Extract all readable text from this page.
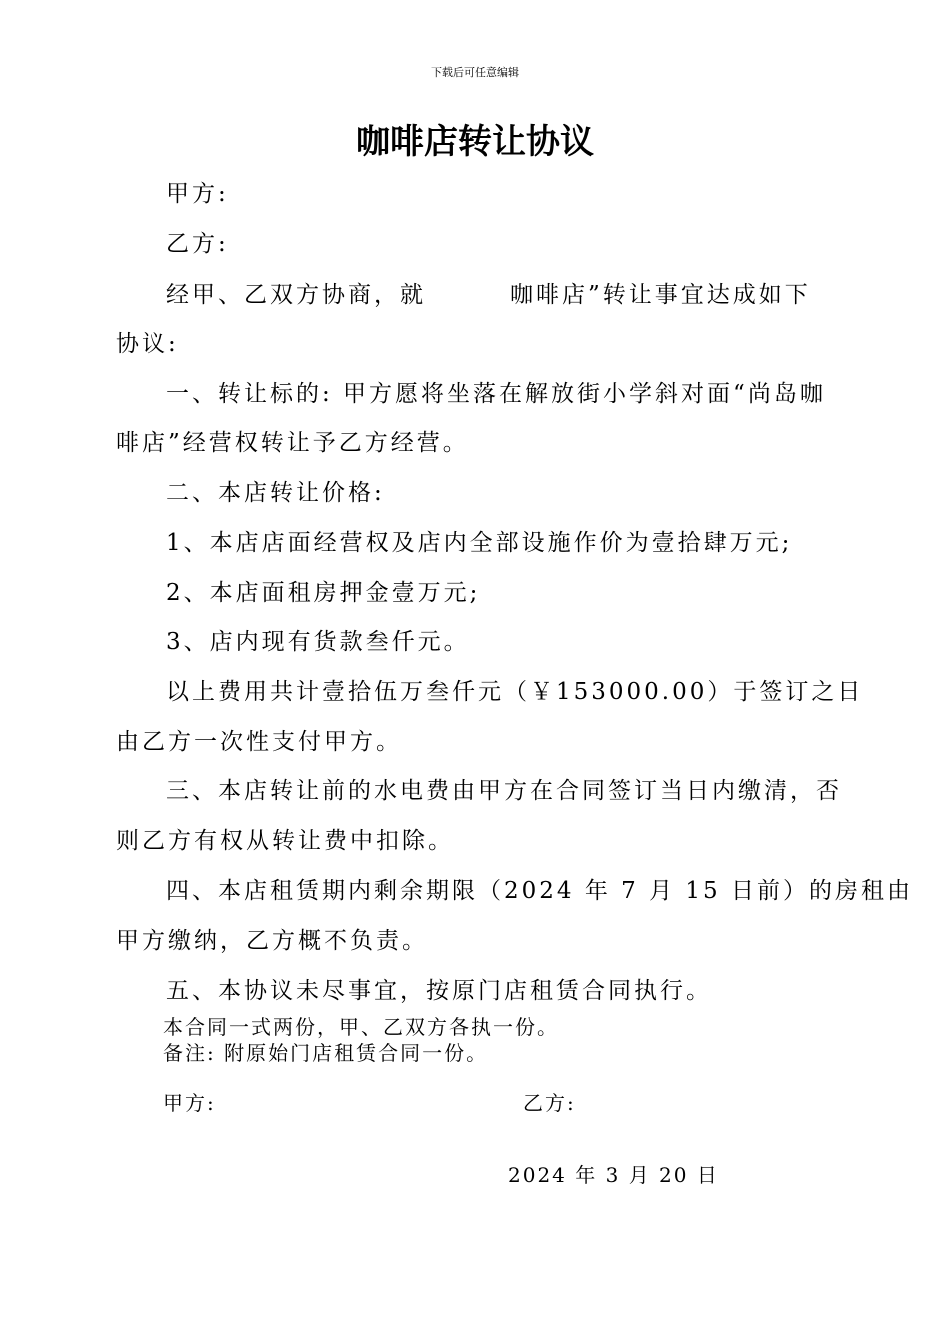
下载后可任意编辑
咖啡店转让协议
甲方:
乙方:
经甲、乙双方协商，就	咖啡店”转让事宜达成如下
协议:
一、转让标的: 甲方愿将坐落在解放街小学斜对面“尚岛咖
啡店”经营权转让予乙方经营。
二、本店转让价格:
1、本店店面经营权及店内全部设施作价为壹拾肆万元;
2、本店面租房押金壹万元;
3、店内现有货款叁仟元。
以上费用共计壹拾伍万叁仟元（￥153000.00）于签订之日
由乙方一次性支付甲方。
三、本店转让前的水电费由甲方在合同签订当日内缴清，否
则乙方有权从转让费中扣除。
四、本店租赁期内剩余期限（2024 年 7 月 15 日前）的房租由
甲方缴纳，乙方概不负责。
五、本协议未尽事宜，按原门店租赁合同执行。
本合同一式两份，甲、乙双方各执一份。
备注: 附原始门店租赁合同一份。
甲方:	乙方:
2024 年 3 月 20 日
